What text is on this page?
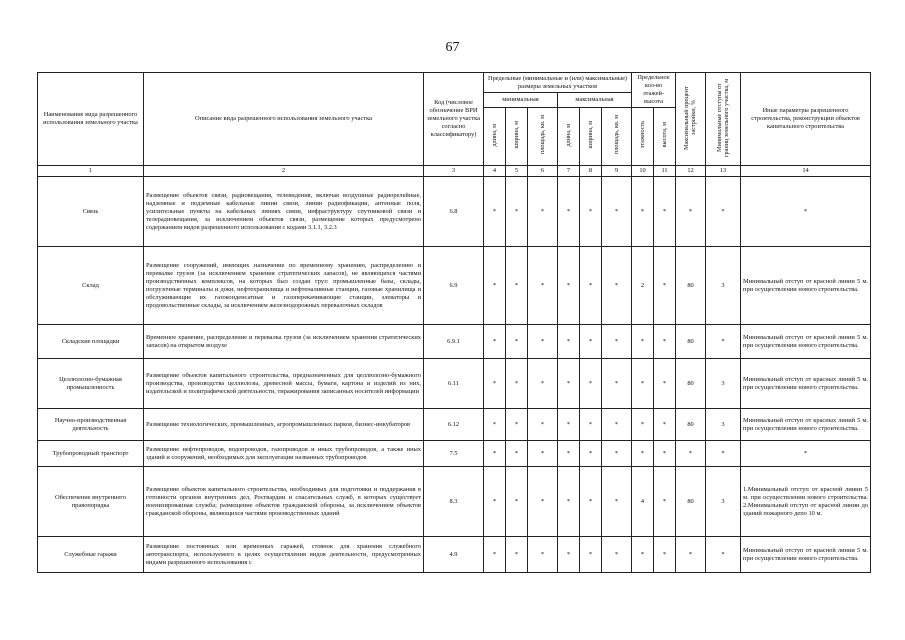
67
Наименование вида разрешенного использования земельного участка	Описание вида разрешенного использования земельного участка	Код (числовое обозначение ВРИ земельного участка согласно классификатору)	Предельные (минимальные и (или) максимальные) размеры земельных участков						Предельное кол-во этажей-высота		Максимальный процент застройки, %	Минимальные отступы от границ земельного участка, м	Иные параметры разрешенного строительства, реконструкции объектов капитального строительства
			минимальная			максимальная							
			длина, м	ширина, м	площадь, кв. м	длина, м	ширина, м	площадь, кв. м	этажность	высота, м			
1	2	3	4	5	6	7	8	9	10	11	12	13	14
Связь	Размещение объектов связи, радиовещания, телевидения, включая воздушные радиорелейные, надземные и подземные кабельные линии связи, линии радиофикации, антенные поля, усилительные пункты на кабельных линиях связи, инфраструктуру спутниковой связи и телерадиовещания, за исключением объектов связи, размещение которых предусмотрено содержанием видов разрешенного использования с кодами 3.1.1, 3.2.3	6.8	*	*	*	*	*	*	*	*	*	*	*
Склад	Размещение сооружений, имеющих назначение по временному хранению, распределению и перевалке грузов (за исключением хранения стратегических запасов), не являющихся частями производственных комплексов, на которых был создан груз: промышленные базы, склады, погрузочные терминалы и доки, нефтехранилища и нефтеналивные станции, газовые хранилища и обслуживающие их газоконденсатные и газоперекачивающие станции, элеваторы и продовольственные склады, за исключением железнодорожных перевалочных складов	6.9	*	*	*	*	*	*	2	*	80	3	Минимальный отступ от красной линии 5 м. при осуществлении нового строительства.
Складские площадки	Временное хранение, распределение и перевалка грузов (за исключением хранения стратегических запасов) на открытом воздухе	6.9.1	*	*	*	*	*	*	*	*	80	*	Минимальный отступ от красной линии 5 м. при осуществлении нового строительства.
Целлюлозно-бумажная промышленность	Размещение объектов капитального строительства, предназначенных для целлюлозно-бумажного производства, производства целлюлозы, древесной массы, бумаги, картона и изделий из них, издательской и полиграфической деятельности, тиражирования записанных носителей информации	6.11	*	*	*	*	*	*	*	*	80	3	Минимальный отступ от красных линий 5 м. при осуществлении нового строительства.
Научно-производственная деятельность	Размещение технологических, промышленных, агропромышленных парков, бизнес-инкубаторов	6.12	*	*	*	*	*	*	*	*	80	3	Минимальный отступ от красных линий 5 м. при осуществлении нового строительства.
Трубопроводный транспорт	Размещение нефтепроводов, водопроводов, газопроводов и иных трубопроводов, а также иных зданий и сооружений, необходимых для эксплуатации названных трубопроводов	7.5	*	*	*	*	*	*	*	*	*	*	*
Обеспечение внутреннего правопорядка	Размещение объектов капитального строительства, необходимых для подготовки и поддержания в готовности органов внутренних дел, Росгвардии и спасательных служб, в которых существует военизированная служба; размещение объектов гражданской обороны, за исключением объектов гражданской обороны, являющихся частями производственных зданий	8.3	*	*	*	*	*	*	4	*	80	3	1.Минимальный отступ от красной линии 5 м. при осуществлении нового строительства. 2.Минимальный отступ от красной линии до зданий пожарного депо 10 м.
Служебные гаражи	Размещение постоянных или временных гаражей, стоянок для хранения служебного автотранспорта, используемого в целях осуществления видов деятельности, предусмотренных видами разрешенного использования с	4.9	*	*	*	*	*	*	*	*	*	*	Минимальный отступ от красной линии 5 м. при осуществлении нового строительства.
